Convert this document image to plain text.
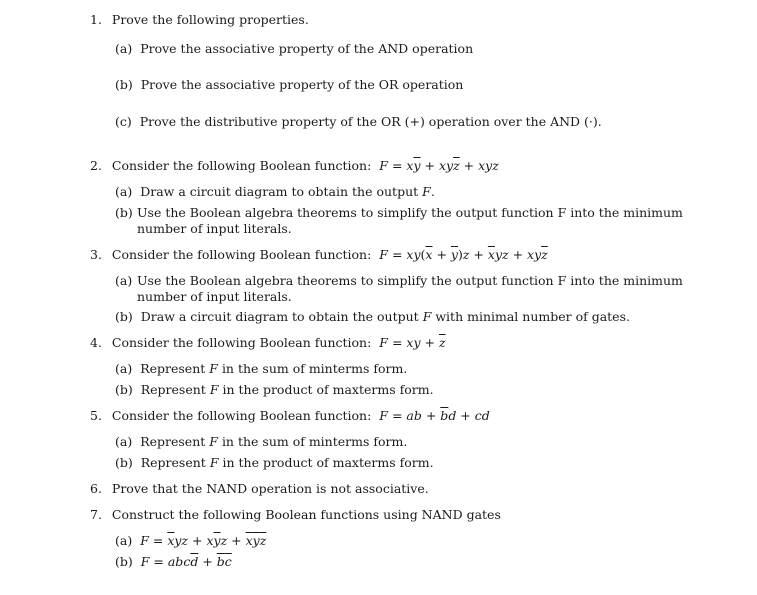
1. Prove the following properties.
(a) Prove the associative property of the AND operation
(b) Prove the associative property of the OR operation
(c) Prove the distributive property of the OR (+) operation over the AND (·).
2. Consider the following Boolean function: $F = x\overline{y} + xy\overline{z}$ + xyz
(a) Draw a circuit diagram to obtain the output F.
(b) Use the Boolean algebra theorems to simplify the output function F into the minimum number of input literals.
3. Consider the following Boolean function: $F = xy(\overline{x} + \overline{y})z + \overline{x}yz + xy\overline{z}$
(a) Use the Boolean algebra theorems to simplify the output function F into the minimum number of input literals.
(b) Draw a circuit diagram to obtain the output F with minimal number of gates.
4. Consider the following Boolean function: F = xy + $\overline{z}$
(a) Represent F in the sum of minterms form.
(b) Represent F in the product of maxterms form.
5. Consider the following Boolean function: F = ab + $\overline{b}d$ + cd
(a) Represent F in the sum of minterms form.
(b) Represent F in the product of maxterms form.
6. Prove that the NAND operation is not associative.
7. Construct the following Boolean functions using NAND gates
(a) $F = \overline{x}yz + x\overline{y}z + \overline{x}\overline{y}\overline{z}$
(b) $F = abc\overline{d} + \overline{b}\overline{c}$
